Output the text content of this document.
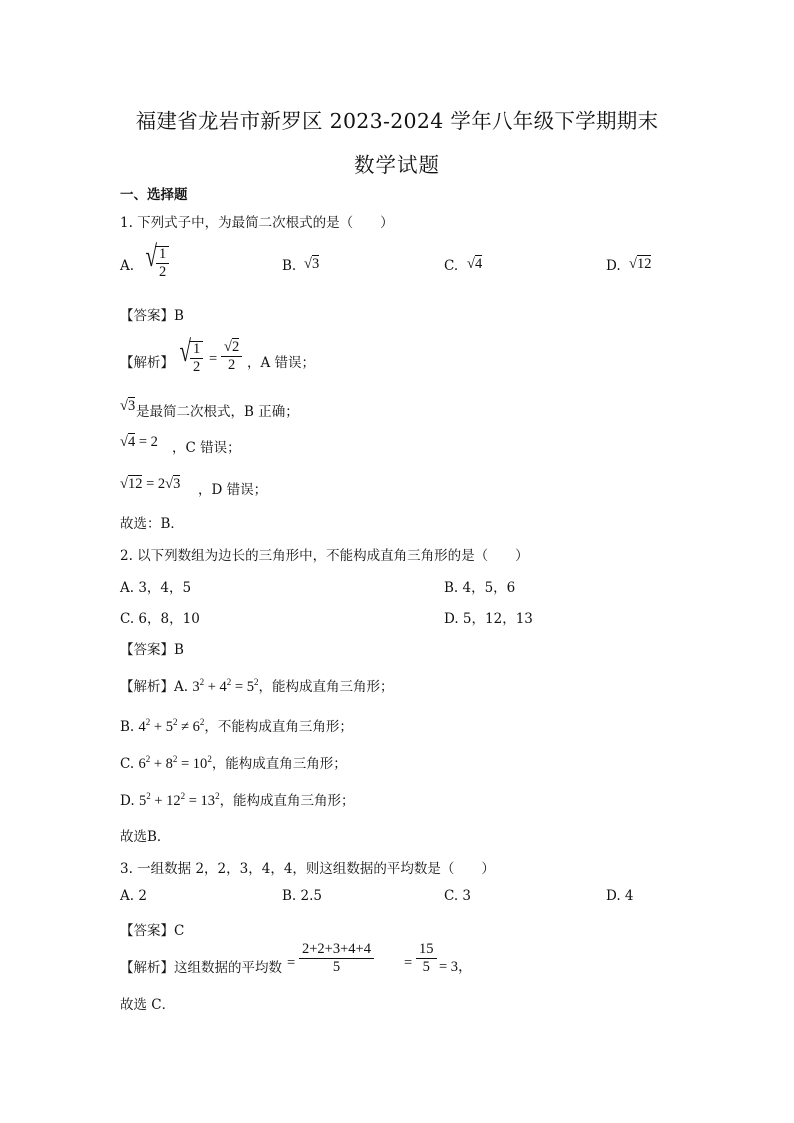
福建省龙岩市新罗区 2023-2024 学年八年级下学期期末
数学试题
一、选择题
1. 下列式子中，为最简二次根式的是（　　）
A. √ 1
2	B. √3	C. √4	D. √12
【答案】B
【解析】 √ 1
2
=
√2
2 ，A 错误；
√3 是最简二次根式，B 正确；
√4 = 2 ，C 错误；
√12 = 2√3 ，D 错误；
故选：B．
2. 以下列数组为边长的三角形中，不能构成直角三角形的是（　　）
A. 3，4，5	B. 4，5，6
C. 6，8，10	D. 5，12，13
【答案】B
【解析】A. $3^2 + 4^2 = 5^2$，能构成直角三角形；
B. $4^2 + 5^2 \ne 6^2$，不能构成直角三角形；
C. $6^2 + 8^2 = 10^2$，能构成直角三角形；
D. $5^2 + 12^2 = 13^2$，能构成直角三角形；
故选B．
3. 一组数据 2，2，3，4，4，则这组数据的平均数是（　　）
A. 2	B. 2.5	C. 3	D. 4
【答案】C
【解析】这组数据的平均数 =
2+2+3+4+4
5	=
15
5 = 3，
故选 C．
